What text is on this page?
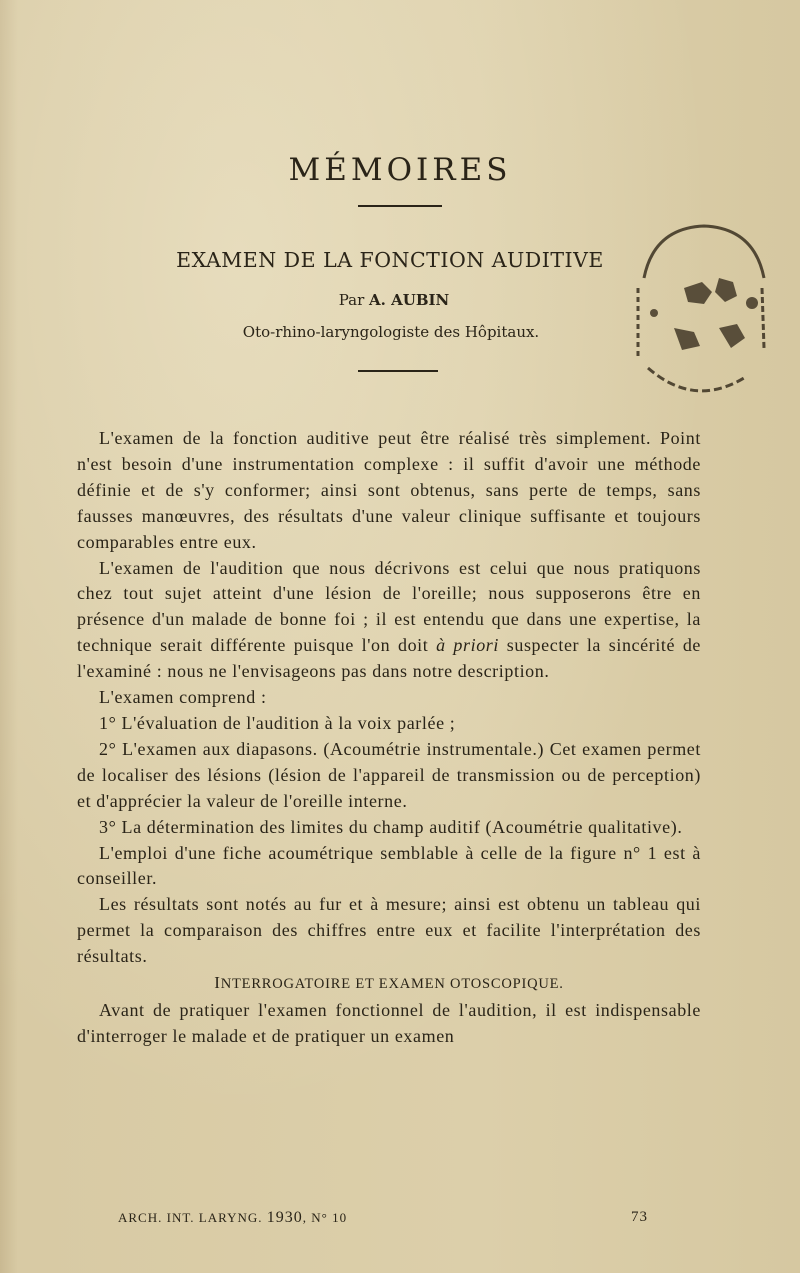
MÉMOIRES
EXAMEN DE LA FONCTION AUDITIVE
Par A. AUBIN
Oto-rhino-laryngologiste des Hôpitaux.

L'examen de la fonction auditive peut être réalisé très simplement. Point n'est besoin d'une instrumentation complexe : il suffit d'avoir une méthode définie et de s'y conformer; ainsi sont obtenus, sans perte de temps, sans fausses manœuvres, des résultats d'une valeur clinique suffisante et toujours comparables entre eux.

L'examen de l'audition que nous décrivons est celui que nous pratiquons chez tout sujet atteint d'une lésion de l'oreille; nous supposerons être en présence d'un malade de bonne foi ; il est entendu que dans une expertise, la technique serait différente puisque l'on doit à priori suspecter la sincérité de l'examiné : nous ne l'envisageons pas dans notre description.

L'examen comprend :

1° L'évaluation de l'audition à la voix parlée ;

2° L'examen aux diapasons. (Acoumétrie instrumentale.) Cet examen permet de localiser des lésions (lésion de l'appareil de transmission ou de perception) et d'apprécier la valeur de l'oreille interne.

3° La détermination des limites du champ auditif (Acoumétrie qualitative).

L'emploi d'une fiche acoumétrique semblable à celle de la figure n° 1 est à conseiller.

Les résultats sont notés au fur et à mesure; ainsi est obtenu un tableau qui permet la comparaison des chiffres entre eux et facilite l'interprétation des résultats.

INTERROGATOIRE ET EXAMEN OTOSCOPIQUE.

Avant de pratiquer l'examen fonctionnel de l'audition, il est indispensable d'interroger le malade et de pratiquer un examen

ARCH. INT. LARYNG. 1930, N° 10	73
